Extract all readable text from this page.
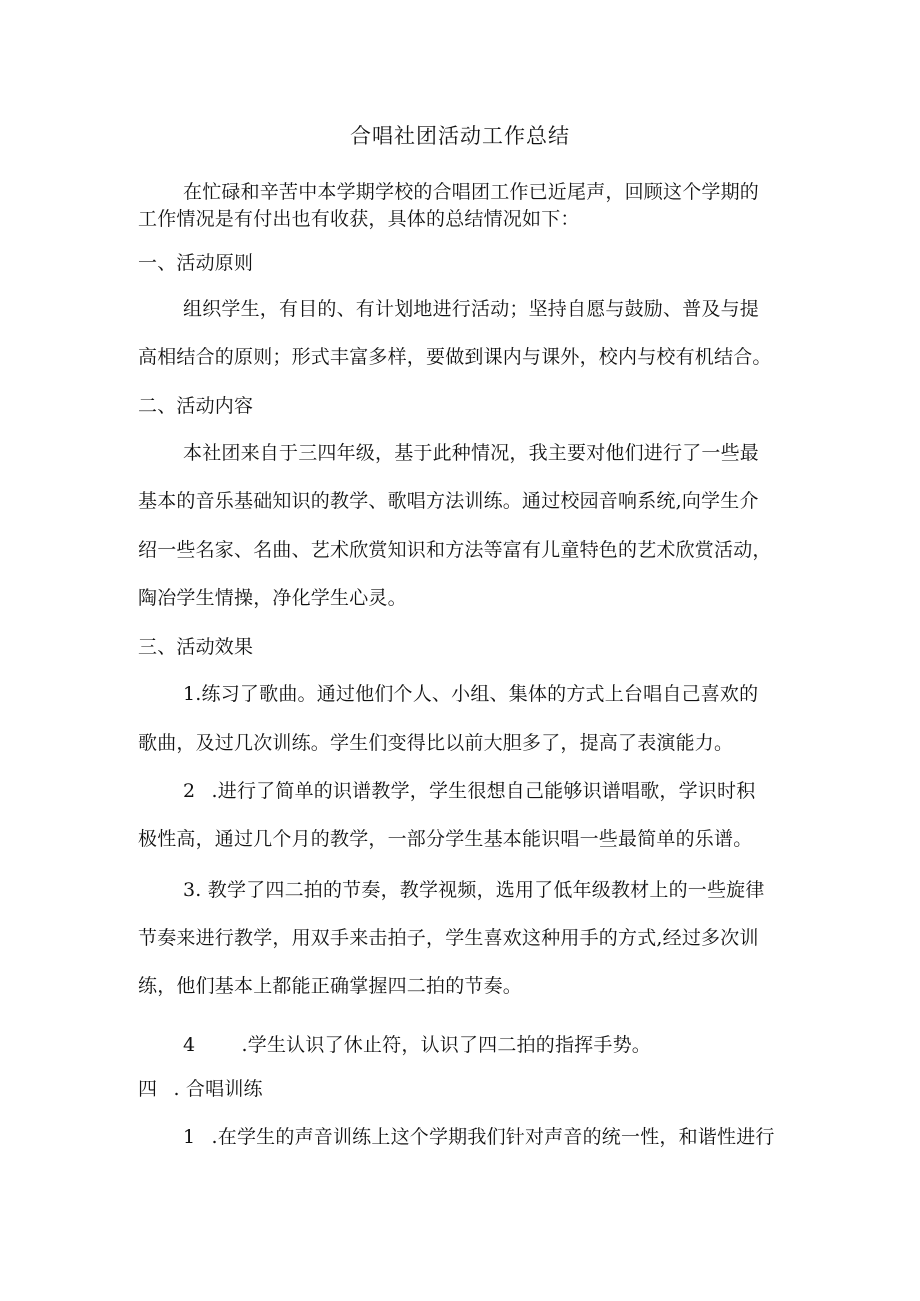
合唱社团活动工作总结
在忙碌和辛苦中本学期学校的合唱团工作已近尾声，回顾这个学期的
工作情况是有付出也有收获，具体的总结情况如下：
一、活动原则
组织学生，有目的、有计划地进行活动；坚持自愿与鼓励、普及与提
高相结合的原则；形式丰富多样，要做到课内与课外，校内与校有机结合。
二、活动内容
本社团来自于三四年级，基于此种情况，我主要对他们进行了一些最
基本的音乐基础知识的教学、歌唱方法训练。通过校园音响系统,向学生介
绍一些名家、名曲、艺术欣赏知识和方法等富有儿童特色的艺术欣赏活动，
陶冶学生情操，净化学生心灵。
三、活动效果
1.练习了歌曲。通过他们个人、小组、集体的方式上台唱自己喜欢的
歌曲，及过几次训练。学生们变得比以前大胆多了，提高了表演能力。
2 .进行了简单的识谱教学，学生很想自己能够识谱唱歌，学识时积
极性高，通过几个月的教学，一部分学生基本能识唱一些最简单的乐谱。
3. 教学了四二拍的节奏，教学视频，选用了低年级教材上的一些旋律
节奏来进行教学，用双手来击拍子，学生喜欢这种用手的方式,经过多次训
练，他们基本上都能正确掌握四二拍的节奏。
4 .学生认识了休止符，认识了四二拍的指挥手势。
四 . 合唱训练
1 .在学生的声音训练上这个学期我们针对声音的统一性，和谐性进行
